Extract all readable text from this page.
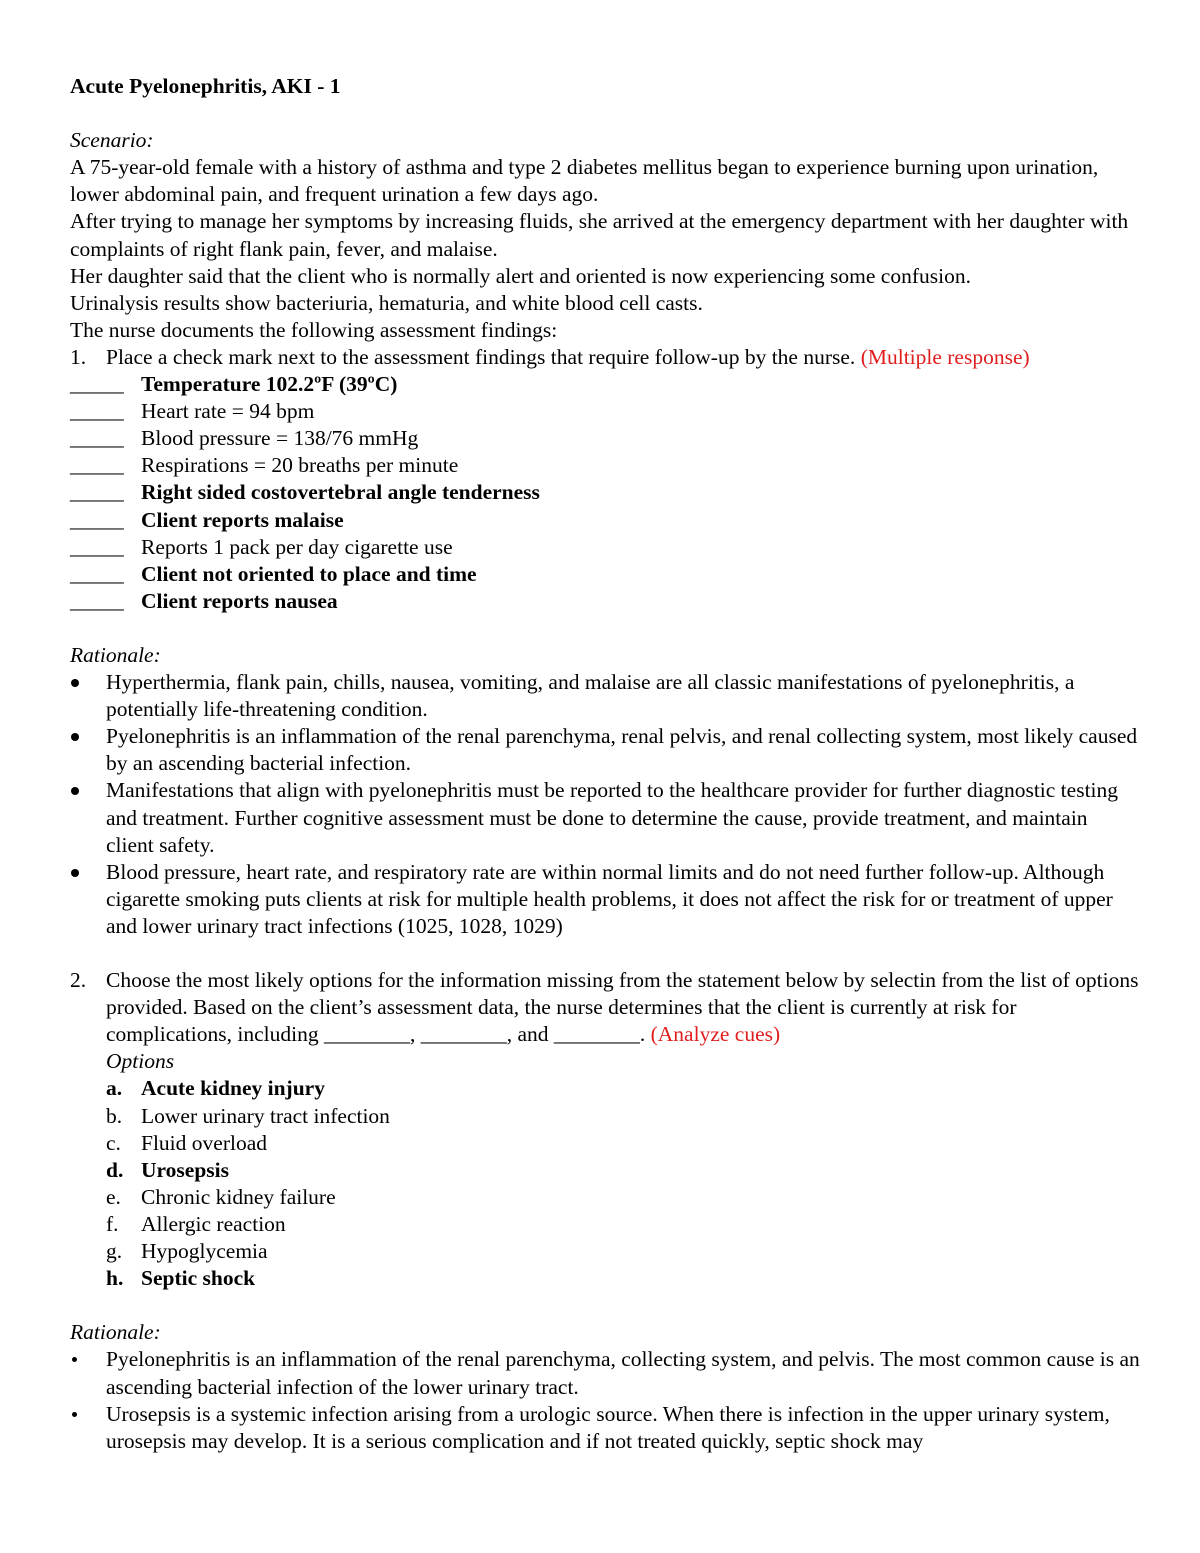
Acute Pyelonephritis, AKI - 1
Scenario:
A 75-year-old female with a history of asthma and type 2 diabetes mellitus began to experience burning upon urination, lower abdominal pain, and frequent urination a few days ago.
After trying to manage her symptoms by increasing fluids, she arrived at the emergency department with her daughter with complaints of right flank pain, fever, and malaise.
Her daughter said that the client who is normally alert and oriented is now experiencing some confusion.
Urinalysis results show bacteriuria, hematuria, and white blood cell casts.
The nurse documents the following assessment findings:
1. Place a check mark next to the assessment findings that require follow-up by the nurse. (Multiple response)
_____ Temperature 102.2ºF (39ºC)
_____ Heart rate = 94 bpm
_____ Blood pressure = 138/76 mmHg
_____ Respirations = 20 breaths per minute
_____ Right sided costovertebral angle tenderness
_____ Client reports malaise
_____ Reports 1 pack per day cigarette use
_____ Client not oriented to place and time
_____ Client reports nausea
Rationale:
Hyperthermia, flank pain, chills, nausea, vomiting, and malaise are all classic manifestations of pyelonephritis, a potentially life-threatening condition.
Pyelonephritis is an inflammation of the renal parenchyma, renal pelvis, and renal collecting system, most likely caused by an ascending bacterial infection.
Manifestations that align with pyelonephritis must be reported to the healthcare provider for further diagnostic testing and treatment. Further cognitive assessment must be done to determine the cause, provide treatment, and maintain client safety.
Blood pressure, heart rate, and respiratory rate are within normal limits and do not need further follow-up. Although cigarette smoking puts clients at risk for multiple health problems, it does not affect the risk for or treatment of upper and lower urinary tract infections (1025, 1028, 1029)
2. Choose the most likely options for the information missing from the statement below by selectin from the list of options provided. Based on the client’s assessment data, the nurse determines that the client is currently at risk for complications, including ________, ________, and ________. (Analyze cues)
Options
a. Acute kidney injury
b. Lower urinary tract infection
c. Fluid overload
d. Urosepsis
e. Chronic kidney failure
f.	Allergic reaction
g. Hypoglycemia
h. Septic shock
Rationale:
Pyelonephritis is an inflammation of the renal parenchyma, collecting system, and pelvis. The most common cause is an ascending bacterial infection of the lower urinary tract.
Urosepsis is a systemic infection arising from a urologic source. When there is infection in the upper urinary system, urosepsis may develop. It is a serious complication and if not treated quickly, septic shock may
